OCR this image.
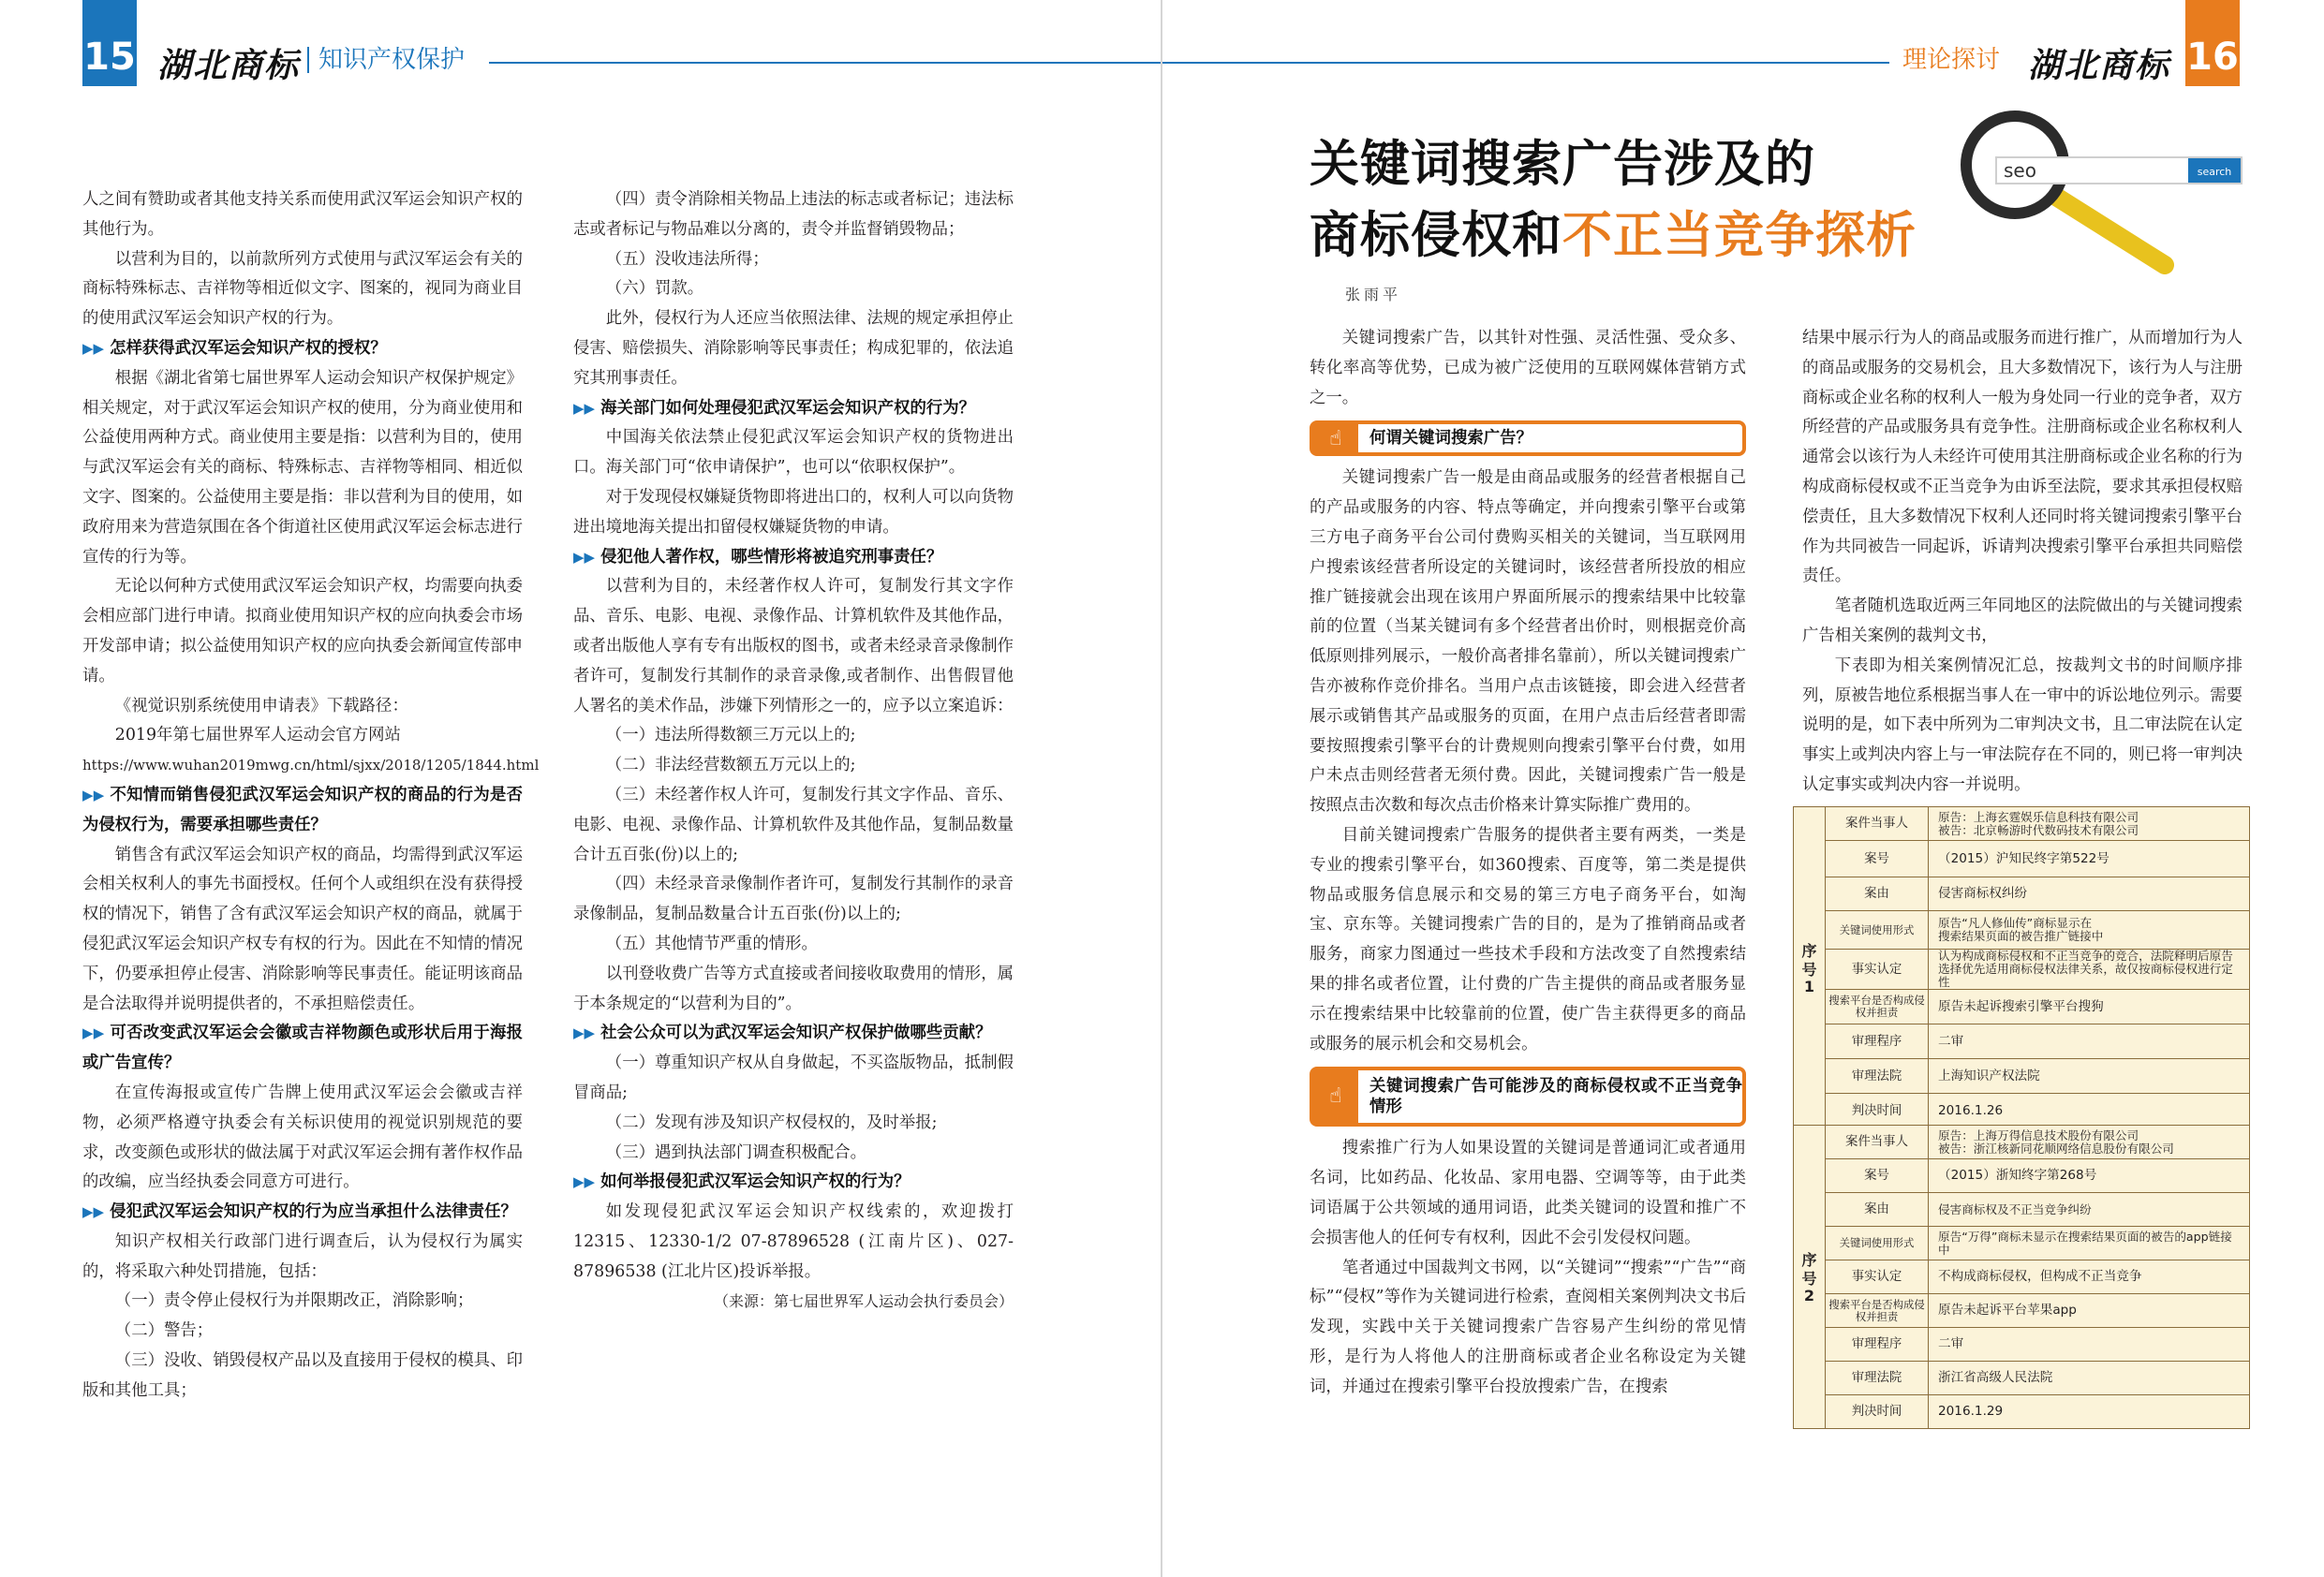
15 湖北商标 知识产权保护

人之间有赞助或者其他支持关系而使用武汉军运会知识产权的其他行为。

以营利为目的，以前款所列方式使用与武汉军运会有关的商标特殊标志、吉祥物等相近似文字、图案的，视同为商业目的使用武汉军运会知识产权的行为。

▶▶ 怎样获得武汉军运会知识产权的授权？

根据《湖北省第七届世界军人运动会知识产权保护规定》相关规定，对于武汉军运会知识产权的使用，分为商业使用和公益使用两种方式。商业使用主要是指：以营利为目的，使用与武汉军运会有关的商标、特殊标志、吉祥物等相同、相近似文字、图案的。公益使用主要是指：非以营利为目的使用，如政府用来为营造氛围在各个街道社区使用武汉军运会标志进行宣传的行为等。

无论以何种方式使用武汉军运会知识产权，均需要向执委会相应部门进行申请。拟商业使用知识产权的应向执委会市场开发部申请；拟公益使用知识产权的应向执委会新闻宣传部申请。

《视觉识别系统使用申请表》下载路径：

2019年第七届世界军人运动会官方网站

https://www.wuhan2019mwg.cn/html/sjxx/2018/1205/1844.html

▶▶ 不知情而销售侵犯武汉军运会知识产权的商品的行为是否为侵权行为，需要承担哪些责任？

销售含有武汉军运会知识产权的商品，均需得到武汉军运会相关权利人的事先书面授权。任何个人或组织在没有获得授权的情况下，销售了含有武汉军运会知识产权的商品，就属于侵犯武汉军运会知识产权专有权的行为。因此在不知情的情况下，仍要承担停止侵害、消除影响等民事责任。能证明该商品是合法取得并说明提供者的，不承担赔偿责任。

▶▶ 可否改变武汉军运会会徽或吉祥物颜色或形状后用于海报或广告宣传？

在宣传海报或宣传广告牌上使用武汉军运会会徽或吉祥物，必须严格遵守执委会有关标识使用的视觉识别规范的要求，改变颜色或形状的做法属于对武汉军运会拥有著作权作品的改编，应当经执委会同意方可进行。

▶▶ 侵犯武汉军运会知识产权的行为应当承担什么法律责任？

知识产权相关行政部门进行调查后，认为侵权行为属实的，将采取六种处罚措施，包括：

（一）责令停止侵权行为并限期改正，消除影响；

（二）警告；

（三）没收、销毁侵权产品以及直接用于侵权的模具、印版和其他工具；

（四）责令消除相关物品上违法的标志或者标记；违法标志或者标记与物品难以分离的，责令并监督销毁物品；

（五）没收违法所得；

（六）罚款。

此外，侵权行为人还应当依照法律、法规的规定承担停止侵害、赔偿损失、消除影响等民事责任；构成犯罪的，依法追究其刑事责任。

▶▶ 海关部门如何处理侵犯武汉军运会知识产权的行为？

中国海关依法禁止侵犯武汉军运会知识产权的货物进出口。海关部门可“依申请保护”，也可以“依职权保护”。

对于发现侵权嫌疑货物即将进出口的，权利人可以向货物进出境地海关提出扣留侵权嫌疑货物的申请。

▶▶ 侵犯他人著作权，哪些情形将被追究刑事责任？

以营利为目的，未经著作权人许可，复制发行其文字作品、音乐、电影、电视、录像作品、计算机软件及其他作品，或者出版他人享有专有出版权的图书，或者未经录音录像制作者许可，复制发行其制作的录音录像,或者制作、出售假冒他人署名的美术作品，涉嫌下列情形之一的，应予以立案追诉：

（一）违法所得数额三万元以上的;

（二）非法经营数额五万元以上的;

（三）未经著作权人许可，复制发行其文字作品、音乐、电影、电视、录像作品、计算机软件及其他作品，复制品数量合计五百张(份)以上的;

（四）未经录音录像制作者许可，复制发行其制作的录音录像制品，复制品数量合计五百张(份)以上的;

（五）其他情节严重的情形。

以刊登收费广告等方式直接或者间接收取费用的情形，属于本条规定的“以营利为目的”。

▶▶ 社会公众可以为武汉军运会知识产权保护做哪些贡献？

（一）尊重知识产权从自身做起，不买盗版物品，抵制假冒商品;

（二）发现有涉及知识产权侵权的，及时举报;

（三）遇到执法部门调查积极配合。

▶▶ 如何举报侵犯武汉军运会知识产权的行为？

如发现侵犯武汉军运会知识产权线索的，欢迎拨打12315、12330-1/2 07-87896528 (江南片区)、027-87896538 (江北片区)投诉举报。

（来源：第七届世界军人运动会执行委员会）

理论探讨 湖北商标 16
关键词搜索广告涉及的
商标侵权和不正当竞争探析
张雨平
search
seo

关键词搜索广告，以其针对性强、灵活性强、受众多、转化率高等优势，已成为被广泛使用的互联网媒体营销方式之一。

☝	何谓关键词搜索广告？

关键词搜索广告一般是由商品或服务的经营者根据自己的产品或服务的内容、特点等确定，并向搜索引擎平台或第三方电子商务平台公司付费购买相关的关键词，当互联网用户搜索该经营者所设定的关键词时，该经营者所投放的相应推广链接就会出现在该用户界面所展示的搜索结果中比较靠前的位置（当某关键词有多个经营者出价时，则根据竞价高低原则排列展示，一般价高者排名靠前），所以关键词搜索广告亦被称作竞价排名。当用户点击该链接，即会进入经营者展示或销售其产品或服务的页面，在用户点击后经营者即需要按照搜索引擎平台的计费规则向搜索引擎平台付费，如用户未点击则经营者无须付费。因此，关键词搜索广告一般是按照点击次数和每次点击价格来计算实际推广费用的。

目前关键词搜索广告服务的提供者主要有两类，一类是专业的搜索引擎平台，如360搜索、百度等，第二类是提供物品或服务信息展示和交易的第三方电子商务平台，如淘宝、京东等。关键词搜索广告的目的，是为了推销商品或者服务，商家力图通过一些技术手段和方法改变了自然搜索结果的排名或者位置，让付费的广告主提供的商品或者服务显示在搜索结果中比较靠前的位置，使广告主获得更多的商品或服务的展示机会和交易机会。

☝	关键词搜索广告可能涉及的商标侵权或不正当竞争情形

搜索推广行为人如果设置的关键词是普通词汇或者通用名词，比如药品、化妆品、家用电器、空调等等，由于此类词语属于公共领域的通用词语，此类关键词的设置和推广不会损害他人的任何专有权利，因此不会引发侵权问题。

笔者通过中国裁判文书网，以“关键词”“搜索”“广告”“商标”“侵权”等作为关键词进行检索，查阅相关案例判决文书后发现，实践中关于关键词搜索广告容易产生纠纷的常见情形，是行为人将他人的注册商标或者企业名称设定为关键词，并通过在搜索引擎平台投放搜索广告，在搜索

结果中展示行为人的商品或服务而进行推广，从而增加行为人的商品或服务的交易机会，且大多数情况下，该行为人与注册商标或企业名称的权利人一般为身处同一行业的竞争者，双方所经营的产品或服务具有竞争性。注册商标或企业名称权利人通常会以该行为人未经许可使用其注册商标或企业名称的行为构成商标侵权或不正当竞争为由诉至法院，要求其承担侵权赔偿责任，且大多数情况下权利人还同时将关键词搜索引擎平台作为共同被告一同起诉，诉请判决搜索引擎平台承担共同赔偿责任。

笔者随机选取近两三年同地区的法院做出的与关键词搜索广告相关案例的裁判文书，

下表即为相关案例情况汇总，按裁判文书的时间顺序排列，原被告地位系根据当事人在一审中的诉讼地位列示。需要说明的是，如下表中所列为二审判决文书，且二审法院在认定事实上或判决内容上与一审法院存在不同的，则已将一审判决认定事实或判决内容一并说明。

序号
1	案件当事人	原告：上海玄霆娱乐信息科技有限公司
被告：北京畅游时代数码技术有限公司
	案号	（2015）沪知民终字第522号
	案由	侵害商标权纠纷
	关键词使用形式	原告“凡人修仙传”商标显示在
搜索结果页面的被告推广链接中
	事实认定	认为构成商标侵权和不正当竞争的竞合，法院释明后原告选择优先适用商标侵权法律关系，故仅按商标侵权进行定性
	搜索平台是否构成侵权并担责	原告未起诉搜索引擎平台搜狗
	审理程序	二审
	审理法院	上海知识产权法院
	判决时间	2016.1.26
序号
2	案件当事人	原告：上海万得信息技术股份有限公司
被告：浙江核新同花顺网络信息股份有限公司
	案号	（2015）浙知终字第268号
	案由	侵害商标权及不正当竞争纠纷
	关键词使用形式	原告“万得”商标未显示在搜索结果页面的被告的app链接中
	事实认定	不构成商标侵权，但构成不正当竞争
	搜索平台是否构成侵权并担责	原告未起诉平台苹果app
	审理程序	二审
	审理法院	浙江省高级人民法院
	判决时间	2016.1.29
